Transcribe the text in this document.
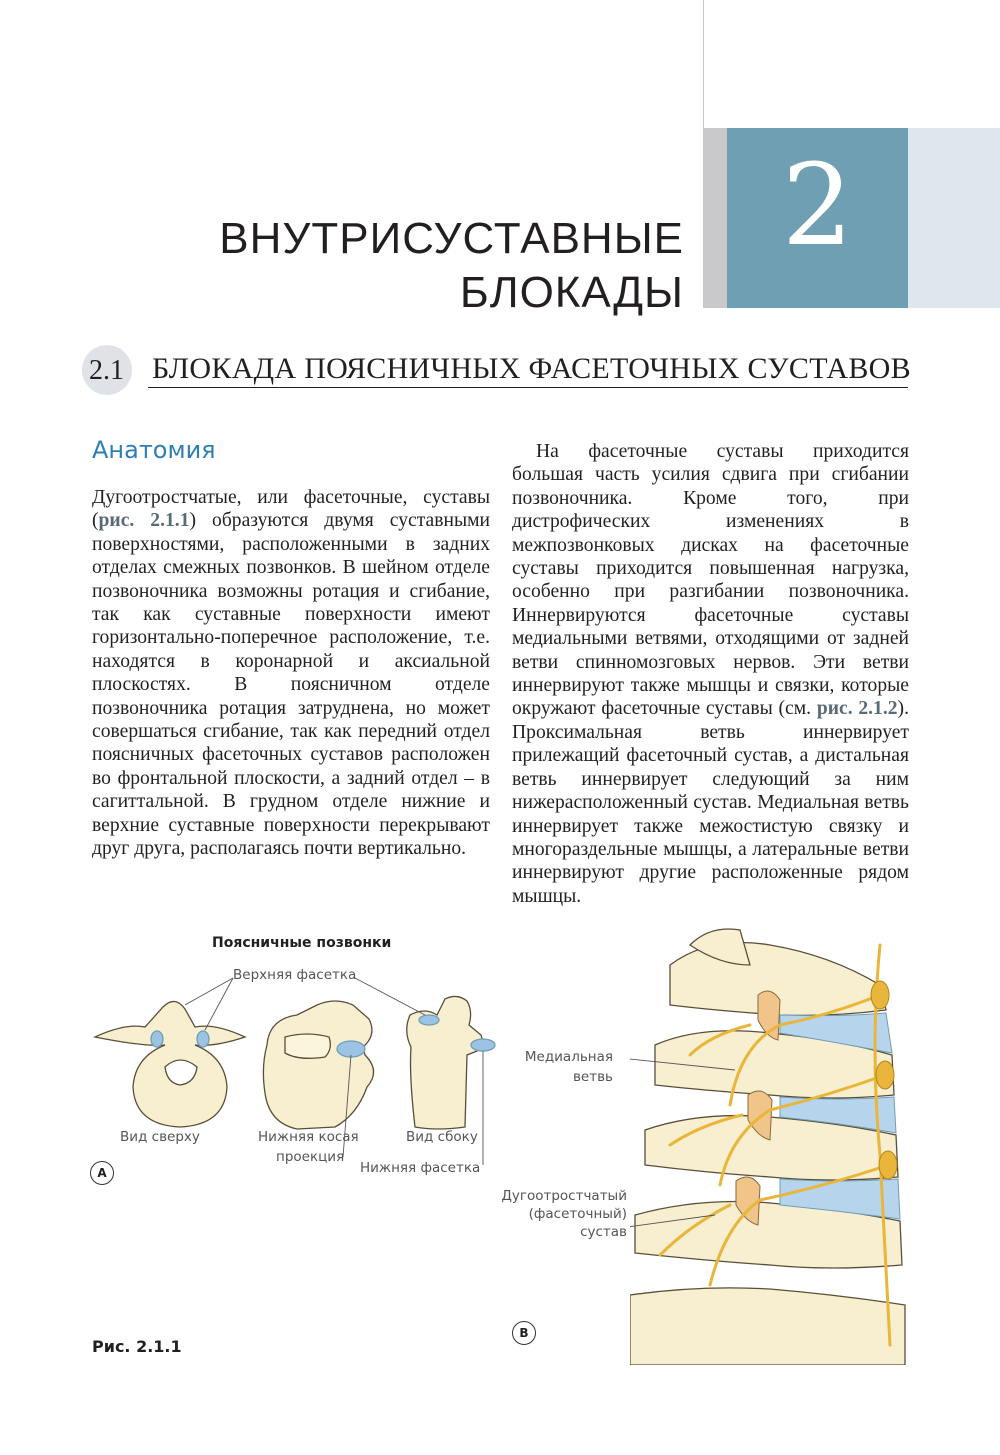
2
ВНУТРИСУСТАВНЫЕ
БЛОКАДЫ
2.1 БЛОКАДА ПОЯСНИЧНЫХ ФАСЕТОЧНЫХ СУСТАВОВ
Анатомия
Дугоотростчатые, или фасеточные, суставы (рис. 2.1.1) образуются двумя суставными поверхностями, расположенными в задних отделах смежных позвонков. В шейном отделе позвоночника возможны ротация и сгибание, так как суставные поверхности имеют горизонтально-поперечное расположение, т.е. находятся в коронарной и аксиальной плоскостях. В поясничном отделе позвоночника ротация затруднена, но может совершаться сгибание, так как передний отдел поясничных фасеточных суставов расположен во фронтальной плоскости, а задний отдел – в сагиттальной. В грудном отделе нижние и верхние суставные поверхности перекрывают друг друга, располагаясь почти вертикально.
На фасеточные суставы приходится большая часть усилия сдвига при сгибании позвоночника. Кроме того, при дистрофических изменениях в межпозвонковых дисках на фасеточные суставы приходится повышенная нагрузка, особенно при разгибании позвоночника. Иннервируются фасеточные суставы медиальными ветвями, отходящими от задней ветви спинномозговых нервов. Эти ветви иннервируют также мышцы и связки, которые окружают фасеточные суставы (см. рис. 2.1.2). Проксимальная ветвь иннервирует прилежащий фасеточный сустав, а дистальная ветвь иннервирует следующий за ним нижерасположенный сустав. Медиальная ветвь иннервирует также межостистую связку и многораздельные мышцы, а латеральные ветви иннервируют другие расположенные рядом мышцы.
Поясничные позвонки
Верхняя фасетка
Вид сверху	Нижняя косая
проекция
Вид сбоку
Нижняя фасетка
A
Медиальная
ветвь
Дугоотростчатый
(фасеточный)
сустав
B
Рис. 2.1.1
